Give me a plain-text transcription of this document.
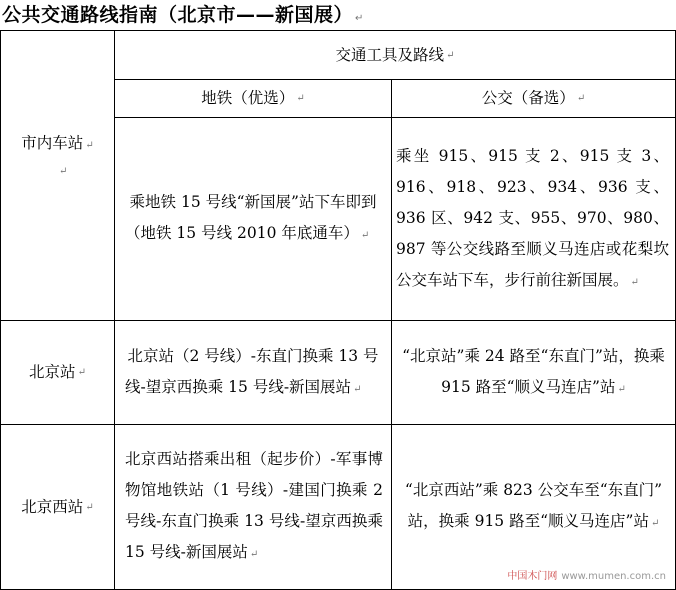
公共交通路线指南（北京市——新国展） ↵
交通工具及路线 ↵
地铁（优选） ↵	公交（备选） ↵
市内车站 ↵
↵
乘地铁 15 号线“新国展”站下车即到（地铁 15 号线 2010 年底通车） ↵
乘坐 915、915 支 2、915 支 3、916、918、923、934、936 支、936 区、942 支、955、970、980、987 等公交线路至顺义马连店或花梨坎公交车站下车，步行前往新国展。 ↵
北京站 ↵
北京站（2 号线）-东直门换乘 13 号线-望京西换乘 15 号线-新国展站 ↵
“北京站”乘 24 路至“东直门”站，换乘 915 路至“顺义马连店”站 ↵
北京西站 ↵
北京西站搭乘出租（起步价）-军事博物馆地铁站（1 号线）-建国门换乘 2 号线-东直门换乘 13 号线-望京西换乘 15 号线-新国展站 ↵
“北京西站”乘 823 公交车至“东直门” 站，换乘 915 路至“顺义马连店”站 ↵
中国木门网 www.mumen.com.cn
